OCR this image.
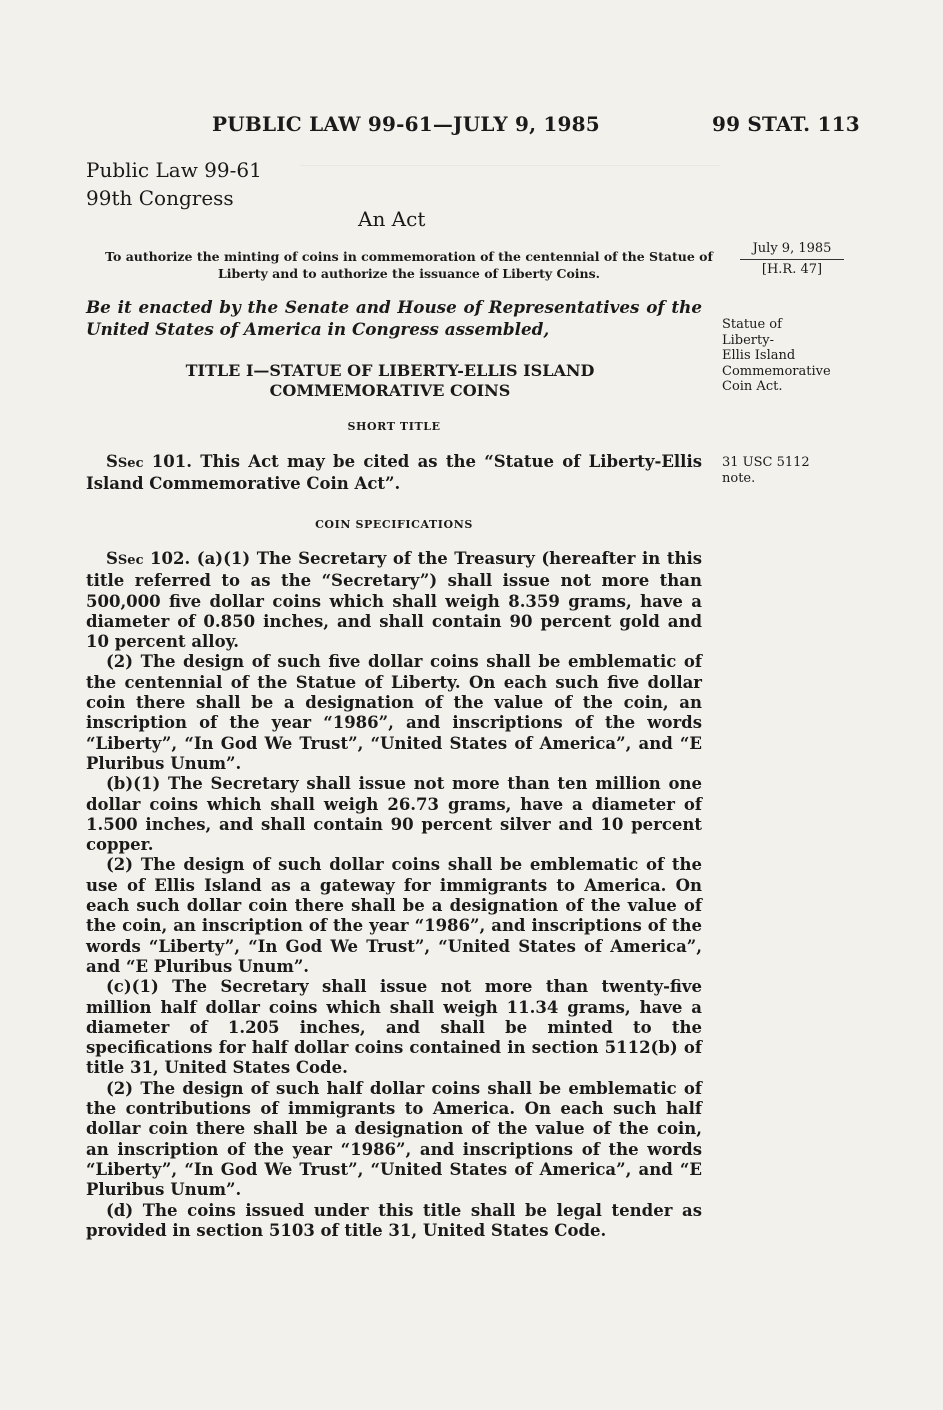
PUBLIC LAW 99-61—JULY 9, 1985	99 STAT. 113
Public Law 99-61
99th Congress
An Act
To authorize the minting of coins in commemoration of the centennial of the Statue of Liberty and to authorize the issuance of Liberty Coins.
July 9, 1985
[H.R. 47]
Be it enacted by the Senate and House of Representatives of the United States of America in Congress assembled,	Statue of
Liberty-
Ellis Island
Commemorative
Coin Act.
TITLE I—STATUE OF LIBERTY-ELLIS ISLAND
COMMEMORATIVE COINS
SHORT TITLE

SSec 101. This Act may be cited as the “Statue of Liberty-Ellis Island Commemorative Coin Act”.

31 USC 5112
note.
COIN SPECIFICATIONS

SSec 102. (a)(1) The Secretary of the Treasury (hereafter in this title referred to as the “Secretary”) shall issue not more than 500,000 five dollar coins which shall weigh 8.359 grams, have a diameter of 0.850 inches, and shall contain 90 percent gold and 10 percent alloy.

(2) The design of such five dollar coins shall be emblematic of the centennial of the Statue of Liberty. On each such five dollar coin there shall be a designation of the value of the coin, an inscription of the year “1986”, and inscriptions of the words “Liberty”, “In God We Trust”, “United States of America”, and “E Pluribus Unum”.

(b)(1) The Secretary shall issue not more than ten million one dollar coins which shall weigh 26.73 grams, have a diameter of 1.500 inches, and shall contain 90 percent silver and 10 percent copper.

(2) The design of such dollar coins shall be emblematic of the use of Ellis Island as a gateway for immigrants to America. On each such dollar coin there shall be a designation of the value of the coin, an inscription of the year “1986”, and inscriptions of the words “Liberty”, “In God We Trust”, “United States of America”, and “E Pluribus Unum”.

(c)(1) The Secretary shall issue not more than twenty-five million half dollar coins which shall weigh 11.34 grams, have a diameter of 1.205 inches, and shall be minted to the specifications for half dollar coins contained in section 5112(b) of title 31, United States Code.

(2) The design of such half dollar coins shall be emblematic of the contributions of immigrants to America. On each such half dollar coin there shall be a designation of the value of the coin, an inscription of the year “1986”, and inscriptions of the words “Liberty”, “In God We Trust”, “United States of America”, and “E Pluribus Unum”.

(d) The coins issued under this title shall be legal tender as provided in section 5103 of title 31, United States Code.
